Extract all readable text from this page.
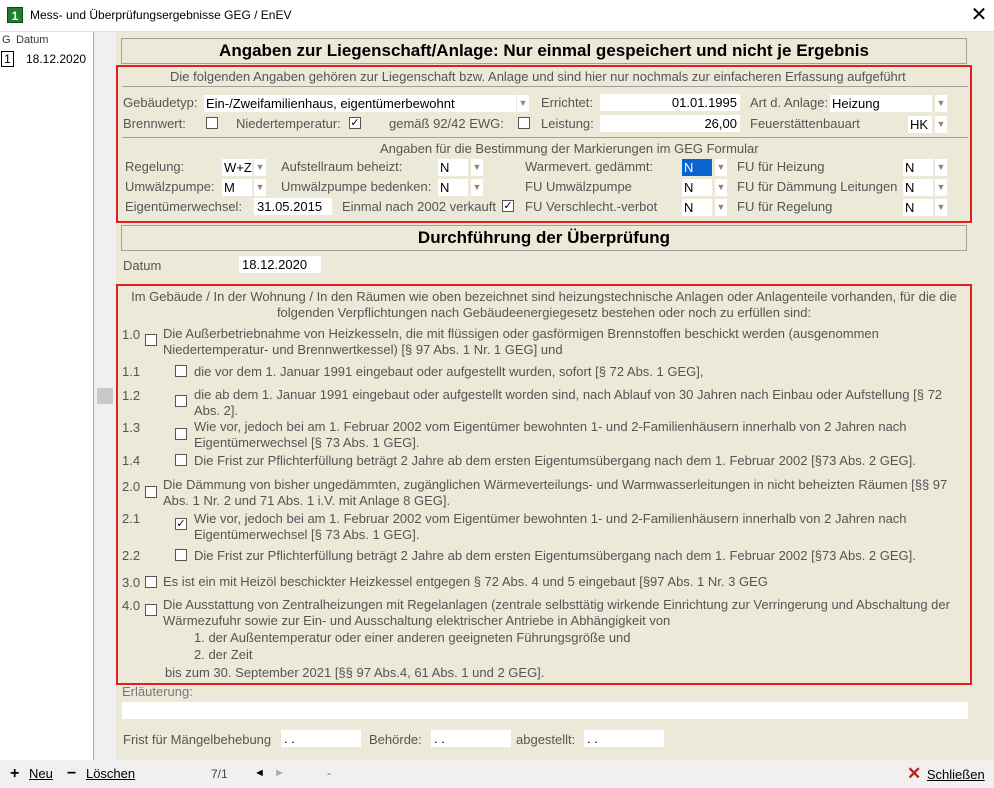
1 Mess- und Überprüfungsergebnisse GEG / EnEV	✕
G Datum
1 18.12.2020	Angaben zur Liegenschaft/Anlage: Nur einmal gespeichert und nicht je Ergebnis
Die folgenden Angaben gehören zur Liegenschaft bzw. Anlage und sind hier nur nochmals zur einfacheren Erfassung aufgeführt
Gebäudetyp: Ein-/Zweifamilienhaus, eigentümerbewohnt	▼ Errichtet:	01.01.1995 Art d. Anlage: Heizung	▼
Brennwert:	Niedertemperatur: ✓ gemäß 92/42 EWG:	Leistung:	26,00 Feuerstättenbauart	HK ▼
Angaben für die Bestimmung der Markierungen im GEG Formular
Regelung:	W+Z ▼ Aufstellraum beheizt:	N	▼	Warmevert. gedämmt: N	▼ FU für Heizung	N	▼
Umwälzpumpe: M	▼ Umwälzpumpe bedenken: N	▼	FU Umwälzpumpe	N	▼ FU für Dämmung Leitungen N	▼
Eigentümerwechsel: 31.05.2015	Einmal nach 2002 verkauft ✓ FU Verschlecht.-verbot N	▼ FU für Regelung	N	▼
Durchführung der Überprüfung
Datum	18.12.2020
Im Gebäude / In der Wohnung / In den Räumen wie oben bezeichnet sind heizungstechnische Anlagen oder Anlagenteile vorhanden, für die die folgenden Verpflichtungen nach Gebäudeenergiegesetz bestehen oder noch zu erfüllen sind:
1.0 Die Außerbetriebnahme von Heizkesseln, die mit flüssigen oder gasförmigen Brennstoffen beschickt werden (ausgenommen
Niedertemperatur- und Brennwertkessel) [§ 97 Abs. 1 Nr. 1 GEG] und
1.1	die vor dem 1. Januar 1991 eingebaut oder aufgestellt wurden, sofort [§ 72 Abs. 1 GEG],
1.2	die ab dem 1. Januar 1991 eingebaut oder aufgestellt worden sind, nach Ablauf von 30 Jahren nach Einbau oder Aufstellung [§ 72
Abs. 2].
1.3	Wie vor, jedoch bei am 1. Februar 2002 vom Eigentümer bewohnten 1- und 2-Familienhäusern innerhalb von 2 Jahren nach
Eigentümerwechsel [§ 73 Abs. 1 GEG].
1.4	Die Frist zur Pflichterfüllung beträgt 2 Jahre ab dem ersten Eigentumsübergang nach dem 1. Februar 2002 [§73 Abs. 2 GEG].
2.0 Die Dämmung von bisher ungedämmten, zugänglichen Wärmeverteilungs- und Warmwasserleitungen in nicht beheizten Räumen [§§ 97
Abs. 1 Nr. 2 und 71 Abs. 1 i.V. mit Anlage 8 GEG].
2.1	✓ Wie vor, jedoch bei am 1. Februar 2002 vom Eigentümer bewohnten 1- und 2-Familienhäusern innerhalb von 2 Jahren nach
Eigentümerwechsel [§ 73 Abs. 1 GEG].
2.2	Die Frist zur Pflichterfüllung beträgt 2 Jahre ab dem ersten Eigentumsübergang nach dem 1. Februar 2002 [§73 Abs. 2 GEG].
3.0 Es ist ein mit Heizöl beschickter Heizkessel entgegen § 72 Abs. 4 und 5 eingebaut [§97 Abs. 1 Nr. 3 GEG
4.0 Die Ausstattung von Zentralheizungen mit Regelanlagen (zentrale selbsttätig wirkende Einrichtung zur Verringerung und Abschaltung der
Wärmezufuhr sowie zur Ein- und Ausschaltung elektrischer Antriebe in Abhängigkeit von
1. der Außentemperatur oder einer anderen geeigneten Führungsgröße und
2. der Zeit
bis zum 30. September 2021 [§§ 97 Abs.4, 61 Abs. 1 und 2 GEG].
Erläuterung:
Frist für Mängelbehebung . .	Behörde: . .	abgestellt: . .
+ Neu − Löschen	7/1 ◄ ►	-	✕ Schließen
